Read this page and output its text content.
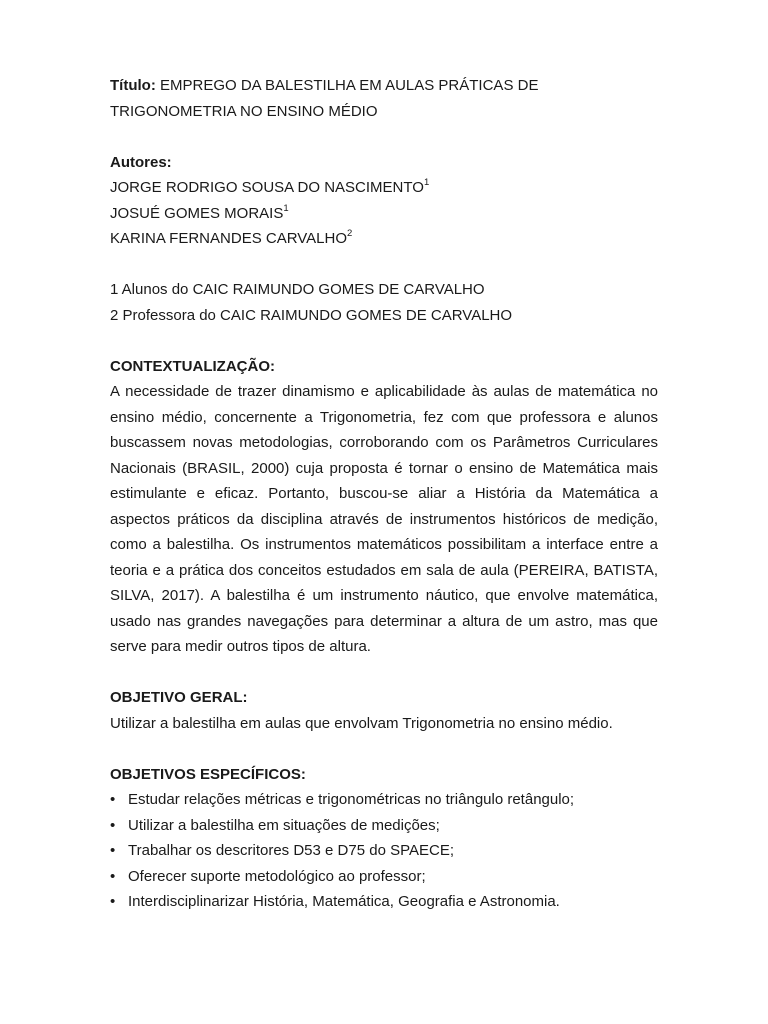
Título: EMPREGO DA BALESTILHA EM AULAS PRÁTICAS DE

TRIGONOMETRIA NO ENSINO MÉDIO

Autores:

JORGE RODRIGO SOUSA DO NASCIMENTO$^1$

JOSUÉ GOMES MORAIS$^1$

KARINA FERNANDES CARVALHO$^2$

1 Alunos do CAIC RAIMUNDO GOMES DE CARVALHO

2 Professora do CAIC RAIMUNDO GOMES DE CARVALHO

CONTEXTUALIZAÇÃO:

A necessidade de trazer dinamismo e aplicabilidade às aulas de matemática no ensino médio, concernente a Trigonometria, fez com que professora e alunos buscassem novas metodologias, corroborando com os Parâmetros Curriculares Nacionais (BRASIL, 2000) cuja proposta é tornar o ensino de Matemática mais estimulante e eficaz. Portanto, buscou-se aliar a História da Matemática a aspectos práticos da disciplina através de instrumentos históricos de medição, como a balestilha. Os instrumentos matemáticos possibilitam a interface entre a teoria e a prática dos conceitos estudados em sala de aula (PEREIRA, BATISTA, SILVA, 2017). A balestilha é um instrumento náutico, que envolve matemática, usado nas grandes navegações para determinar a altura de um astro, mas que serve para medir outros tipos de altura.

OBJETIVO GERAL:

Utilizar a balestilha em aulas que envolvam Trigonometria no ensino médio.

OBJETIVOS ESPECÍFICOS:

• Estudar relações métricas e trigonométricas no triângulo retângulo;
• Utilizar a balestilha em situações de medições;
• Trabalhar os descritores D53 e D75 do SPAECE;
• Oferecer suporte metodológico ao professor;
• Interdisciplinarizar História, Matemática, Geografia e Astronomia.
